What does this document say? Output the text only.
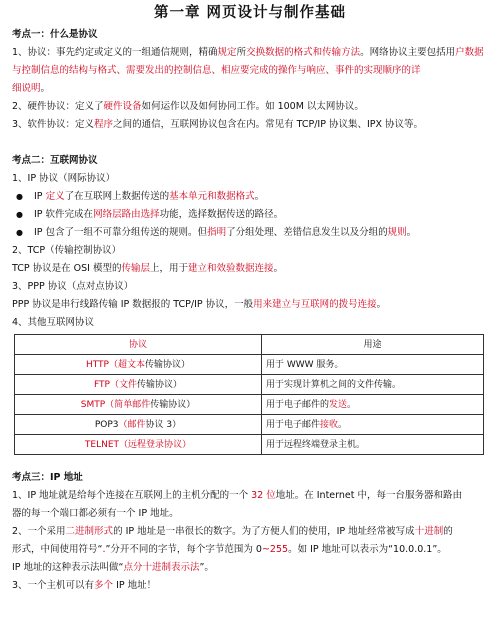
第一章 网页设计与制作基础
考点一：什么是协议

1、协议：事先约定或定义的一组通信规则，精确规定所交换数据的格式和传输方法。网络协议主要包括用户数据与控制信息的结构与格式、需要发出的控制信息、相应要完成的操作与响应、事件的实现顺序的详
细说明。

2、硬件协议：定义了硬件设备如何运作以及如何协同工作。如 100M 以太网协议。

3、软件协议：定义程序之间的通信，互联网协议包含在内。常见有 TCP/IP 协议集、IPX 协议等。

考点二：互联网协议

1、IP 协议（网际协议）

●
IP 定义了在互联网上数据传送的基本单元和数据格式。
●
IP 软件完成在网络层路由选择功能，选择数据传送的路径。
●
IP 包含了一组不可靠分组传送的规则。但指明了分组处理、差错信息发生以及分组的规则。

2、TCP（传输控制协议）

TCP 协议是在 OSI 模型的传输层上，用于建立和效验数据连接。

3、PPP 协议（点对点协议）

PPP 协议是串行线路传输 IP 数据报的 TCP/IP 协议，一般用来建立与互联网的拨号连接。

4、其他互联网协议

协议	用途
HTTP（超文本传输协议）	用于 WWW 服务。
FTP（文件传输协议）	用于实现计算机之间的文件传输。
SMTP（简单邮件传输协议）	用于电子邮件的发送。
POP3（邮件协议 3）	用于电子邮件接收。
TELNET（远程登录协议）	用于远程终端登录主机。
考点三：IP 地址

1、IP 地址就是给每个连接在互联网上的主机分配的一个 32 位地址。在 Internet 中，每一台服务器和路由
器的每一个端口都必须有一个 IP 地址。

2、一个采用二进制形式的 IP 地址是一串很长的数字。为了方便人们的使用，IP 地址经常被写成十进制的
形式，中间使用符号“.”分开不同的字节，每个字节范围为 0~255。如 IP 地址可以表示为“10.0.0.1”。
IP 地址的这种表示法叫做“点分十进制表示法”。

3、一个主机可以有多个 IP 地址！
